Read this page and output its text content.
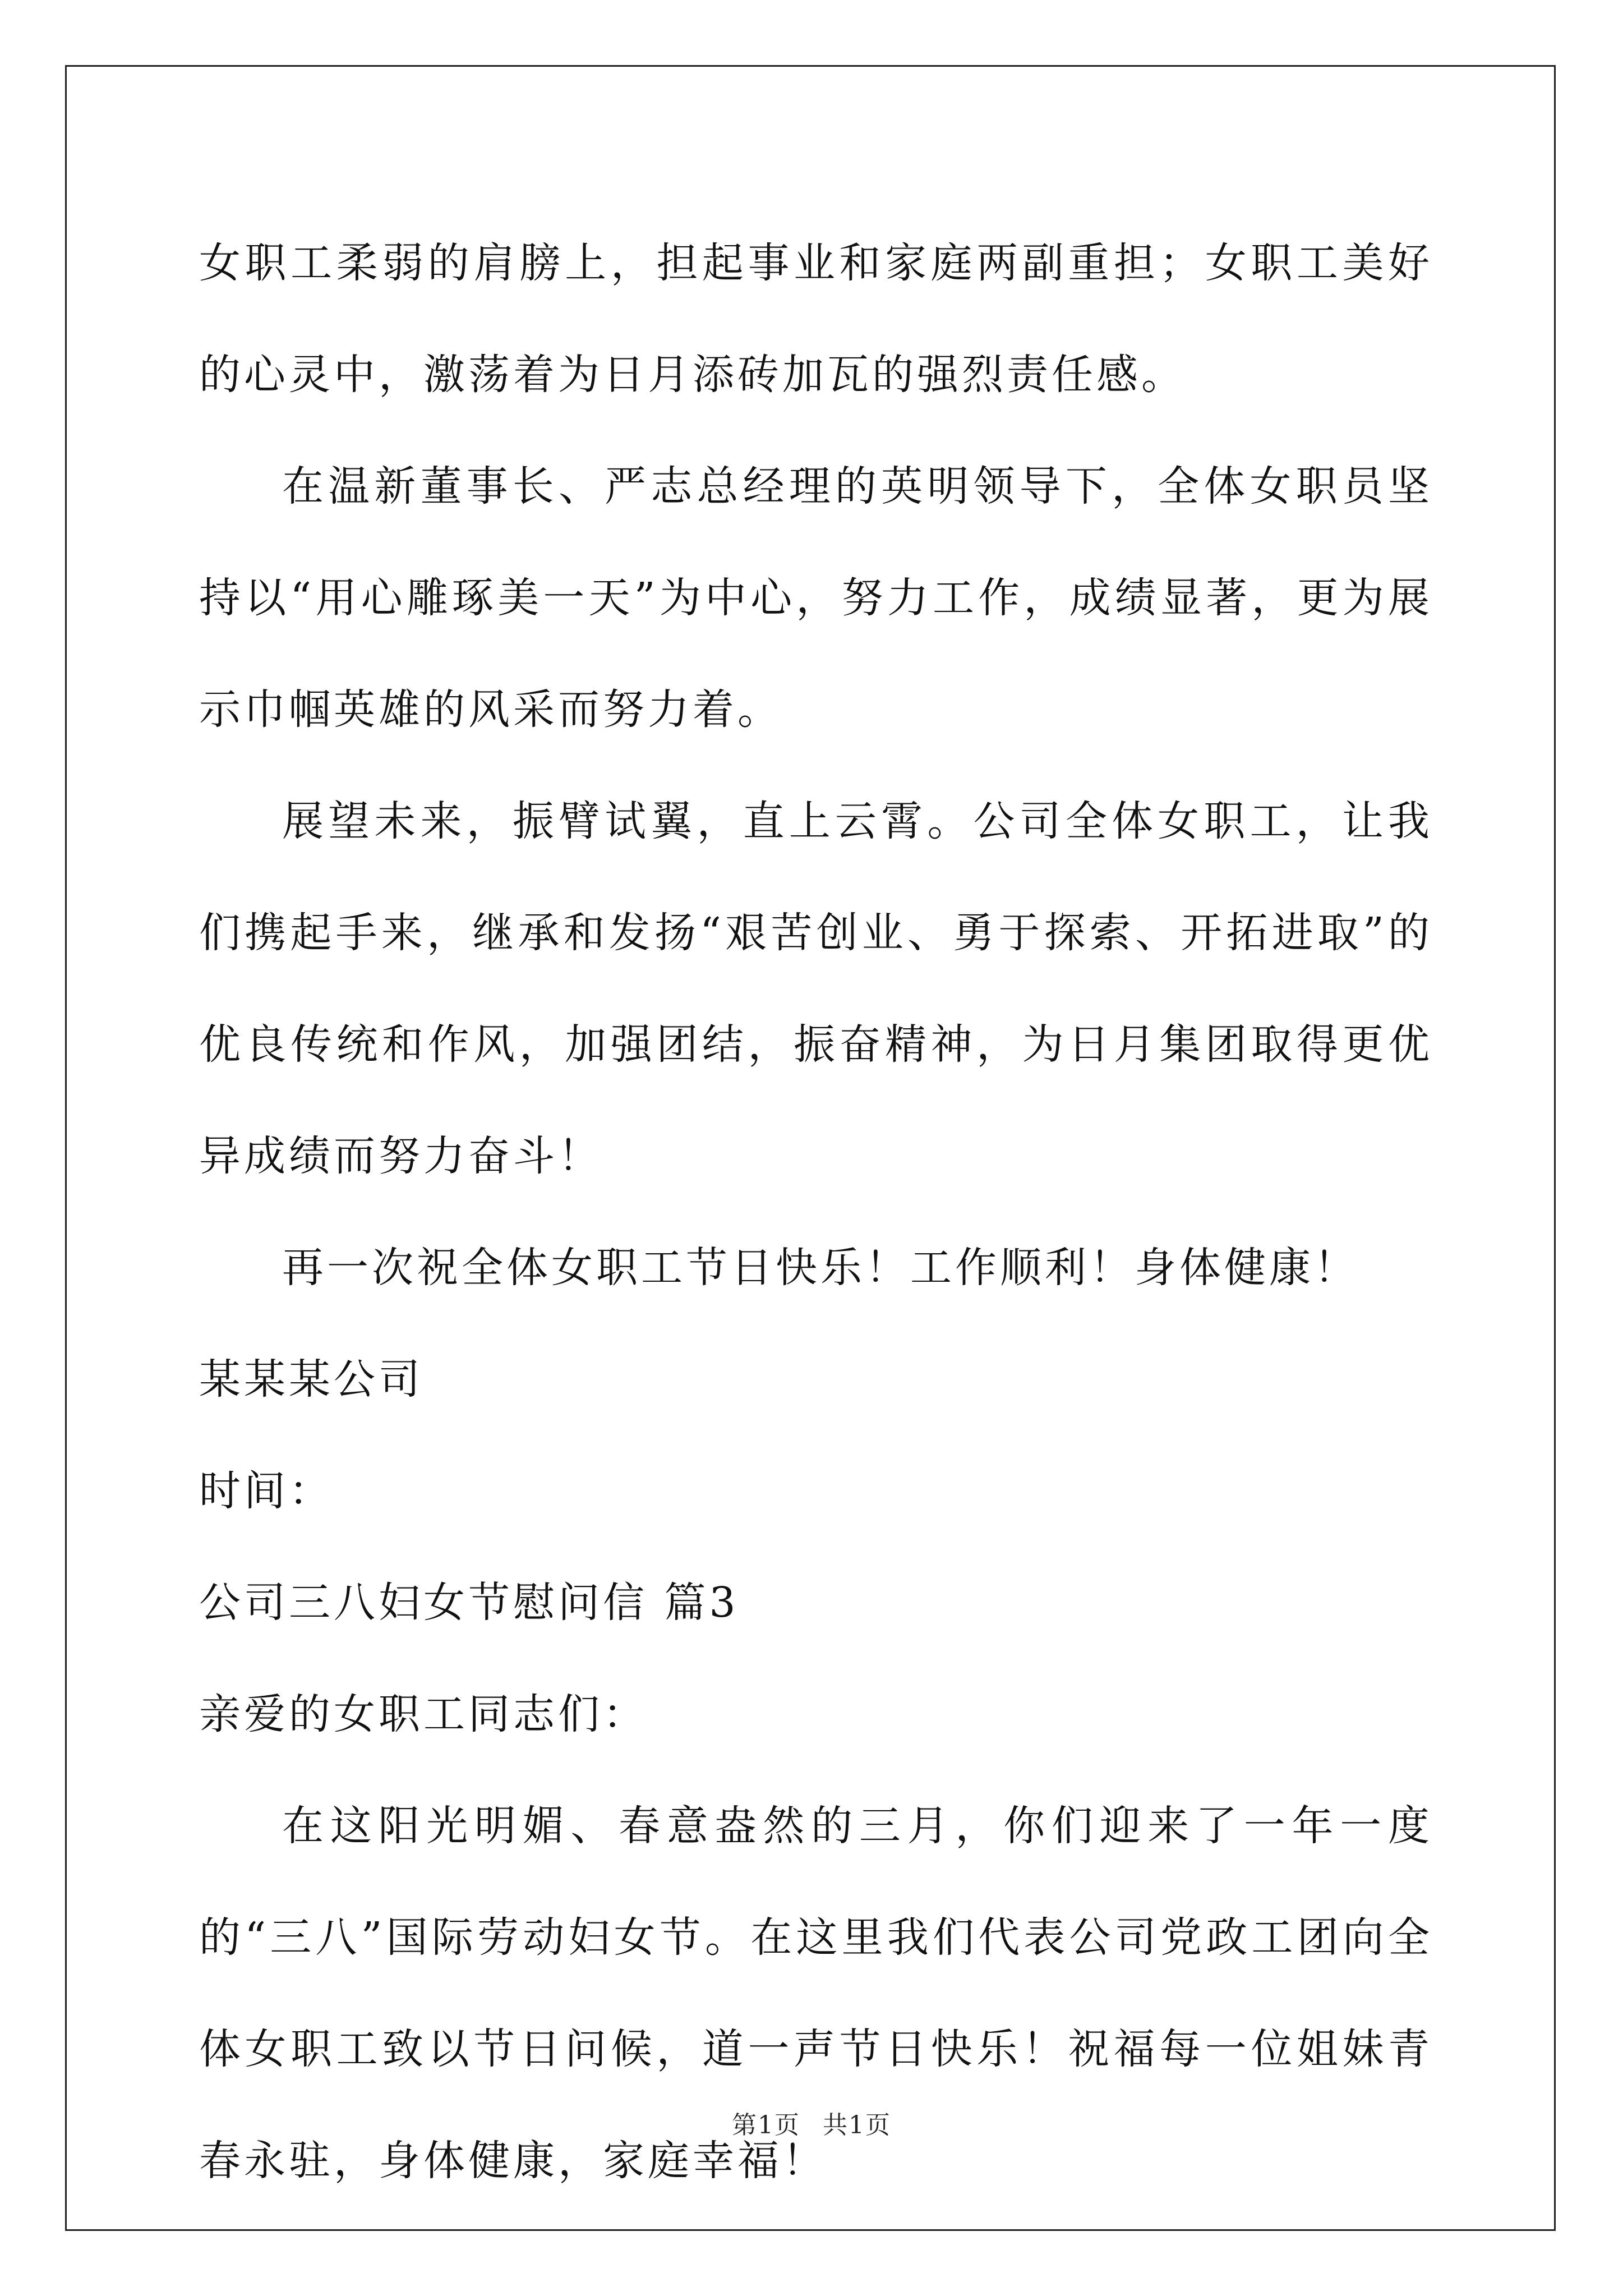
女职工柔弱的肩膀上，担起事业和家庭两副重担；女职工美好的心灵中，激荡着为日月添砖加瓦的强烈责任感。

在温新董事长、严志总经理的英明领导下，全体女职员坚持以“用心雕琢美一天”为中心，努力工作，成绩显著，更为展示巾帼英雄的风采而努力着。

展望未来，振臂试翼，直上云霄。公司全体女职工，让我们携起手来，继承和发扬“艰苦创业、勇于探索、开拓进取”的优良传统和作风，加强团结，振奋精神，为日月集团取得更优异成绩而努力奋斗！

再一次祝全体女职工节日快乐！工作顺利！身体健康！

某某某公司

时间：

公司三八妇女节慰问信 篇3

亲爱的女职工同志们：

在这阳光明媚、春意盎然的三月，你们迎来了一年一度的“三八”国际劳动妇女节。在这里我们代表公司党政工团向全体女职工致以节日问候，道一声节日快乐！祝福每一位姐妹青春永驻，身体健康，家庭幸福！

第1页 共1页
